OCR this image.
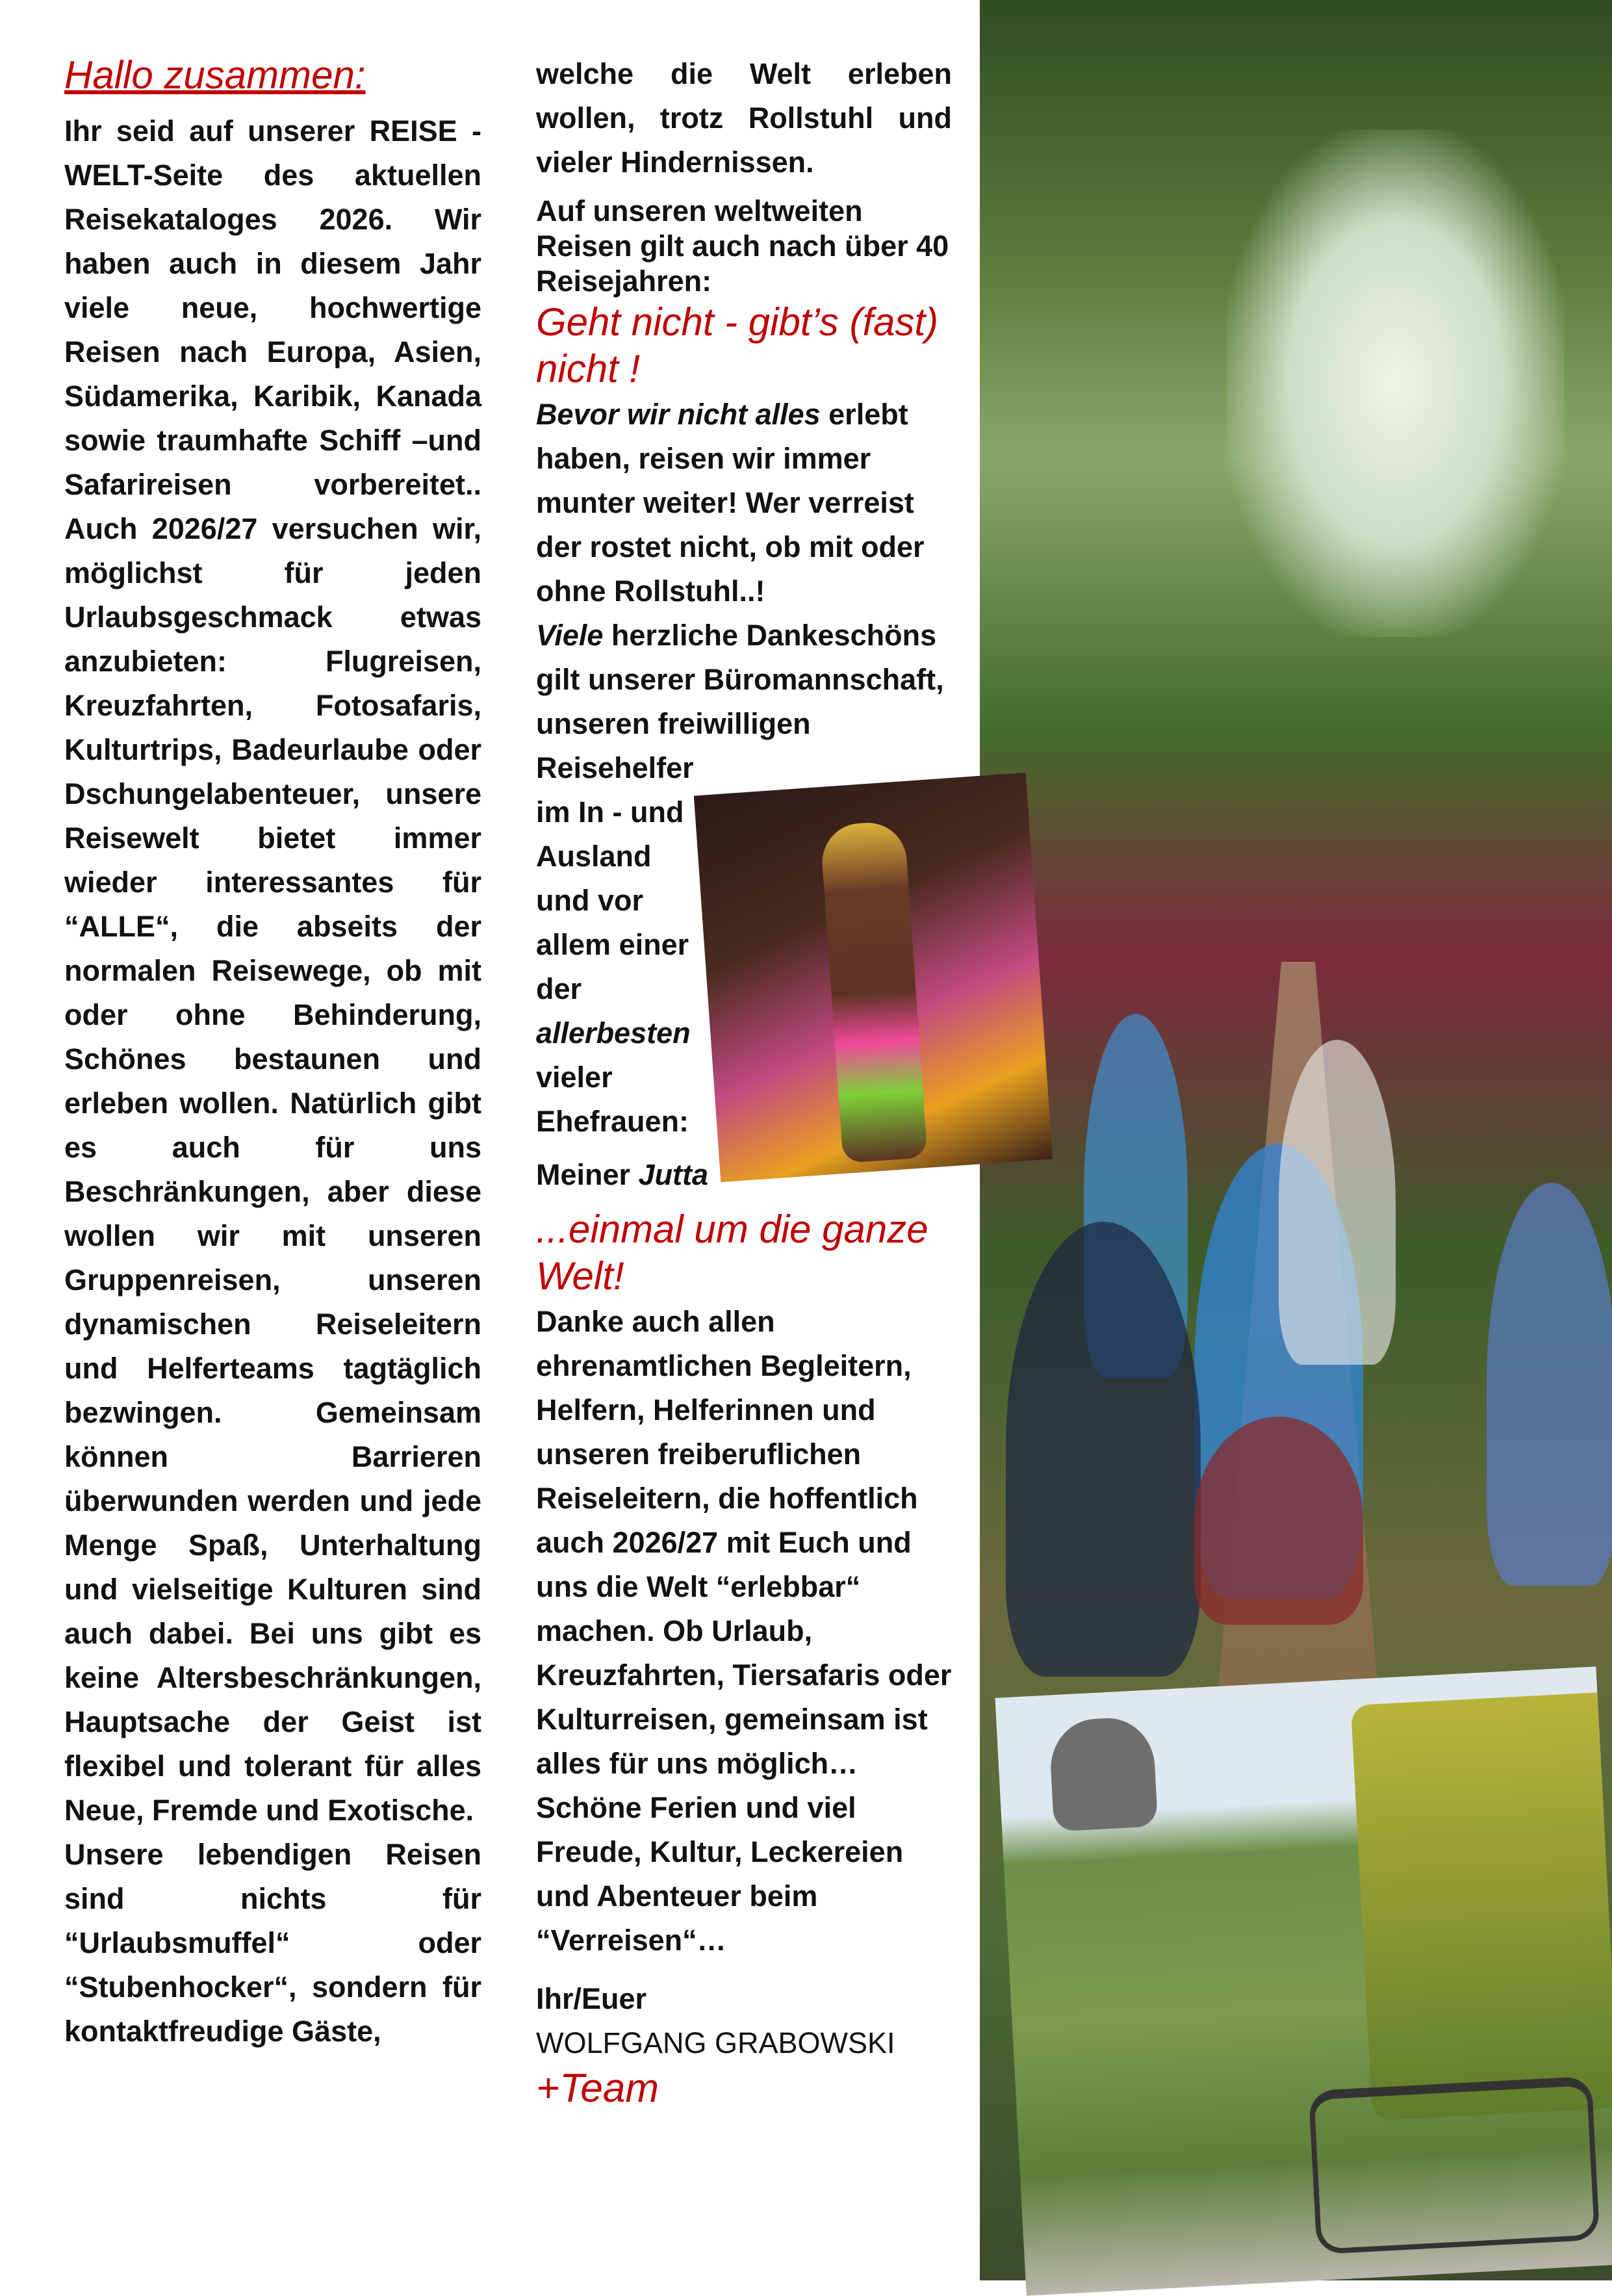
Hallo zusammen:

Ihr seid auf unserer REISE -WELT-Seite des aktuellen Reisekataloges 2026. Wir haben auch in diesem Jahr viele neue, hochwertige Reisen nach Europa, Asien, Südamerika, Karibik, Kanada sowie traumhafte Schiff –und Safarireisen vorbereitet.. Auch 2026/27 versuchen wir, möglichst für jeden Urlaubsgeschmack etwas anzubieten: Flugreisen, Kreuzfahrten, Fotosafaris, Kulturtrips, Badeurlaube oder Dschungelabenteuer, unsere Reisewelt bietet immer wieder interessantes für “ALLE“, die abseits der normalen Reisewege, ob mit oder ohne Behinderung, Schönes bestaunen und erleben wollen. Natürlich gibt es auch für uns Beschränkungen, aber diese wollen wir mit unseren Gruppenreisen, unseren dynamischen Reiseleitern und Helferteams tagtäglich bezwingen. Gemeinsam können Barrieren überwunden werden und jede Menge Spaß, Unterhaltung und vielseitige Kulturen sind auch dabei. Bei uns gibt es keine Altersbeschränkungen, Hauptsache der Geist ist flexibel und tolerant für alles Neue, Fremde und Exotische.

Unsere lebendigen Reisen sind nichts für “Urlaubsmuffel“ oder “Stubenhocker“, sondern für kontaktfreudige Gäste,

welche die Welt erleben wollen, trotz Rollstuhl und vieler Hindernissen.

Auf unseren weltweiten Reisen gilt auch nach über 40 Reisejahren:

Geht nicht - gibt’s (fast) nicht !

Bevor wir nicht alles erlebt haben, reisen wir immer munter weiter! Wer verreist der rostet nicht, ob mit oder ohne Rollstuhl..!

Viele herzliche Dankeschöns gilt unserer Büromannschaft, unseren freiwilligen

Reisehelfer im In - und Ausland und vor allem einer der allerbesten vieler Ehefrauen:

Meiner Jutta

...einmal um die ganze Welt!

Danke auch allen ehrenamtlichen Begleitern, Helfern, Helferinnen und unseren freiberuflichen Reiseleitern, die hoffentlich auch 2026/27 mit Euch und uns die Welt “erlebbar“ machen. Ob Urlaub, Kreuzfahrten, Tiersafaris oder Kulturreisen, gemeinsam ist alles für uns möglich… Schöne Ferien und viel Freude, Kultur, Leckereien und Abenteuer beim “Verreisen“…

Ihr/Euer

WOLFGANG GRABOWSKI

+Team
